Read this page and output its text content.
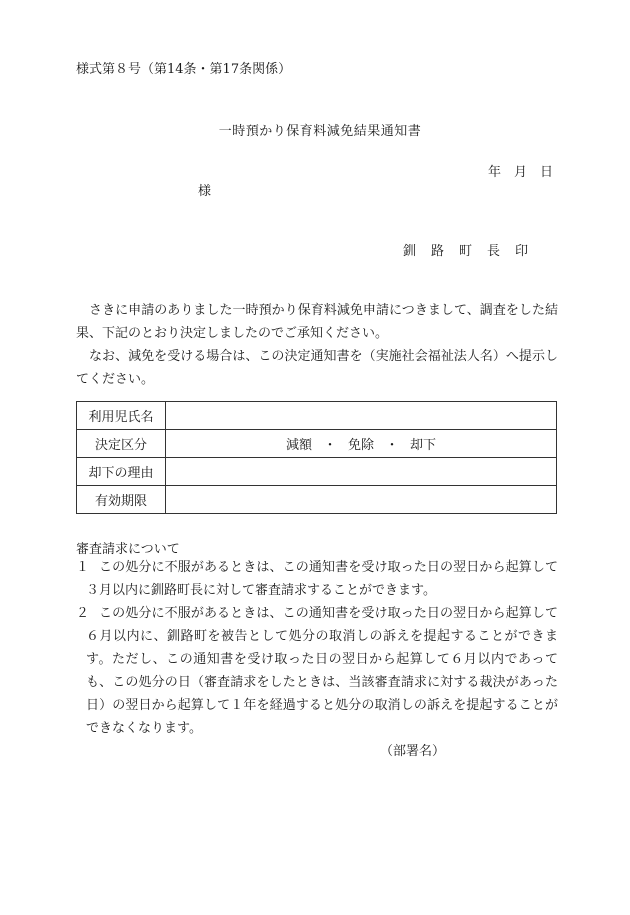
様式第８号（第14条・第17条関係）
一時預かり保育料減免結果通知書
年　月　日
様
釧　路　町　長　印
さきに申請のありました一時預かり保育料減免申請につきまして、調査をした結果、下記のとおり決定しましたのでご承知ください。
なお、減免を受ける場合は、この決定通知書を（実施社会福祉法人名）へ提示してください。
利用児氏名	
決定区分	減額 ・ 免除 ・ 却下
却下の理由	
有効期限	
審査請求について
１ この処分に不服があるときは、この通知書を受け取った日の翌日から起算して３月以内に釧路町長に対して審査請求することができます。
２ この処分に不服があるときは、この通知書を受け取った日の翌日から起算して６月以内に、釧路町を被告として処分の取消しの訴えを提起することができます。ただし、この通知書を受け取った日の翌日から起算して６月以内であっても、この処分の日（審査請求をしたときは、当該審査請求に対する裁決があった日）の翌日から起算して１年を経過すると処分の取消しの訴えを提起することができなくなります。
（部署名）
